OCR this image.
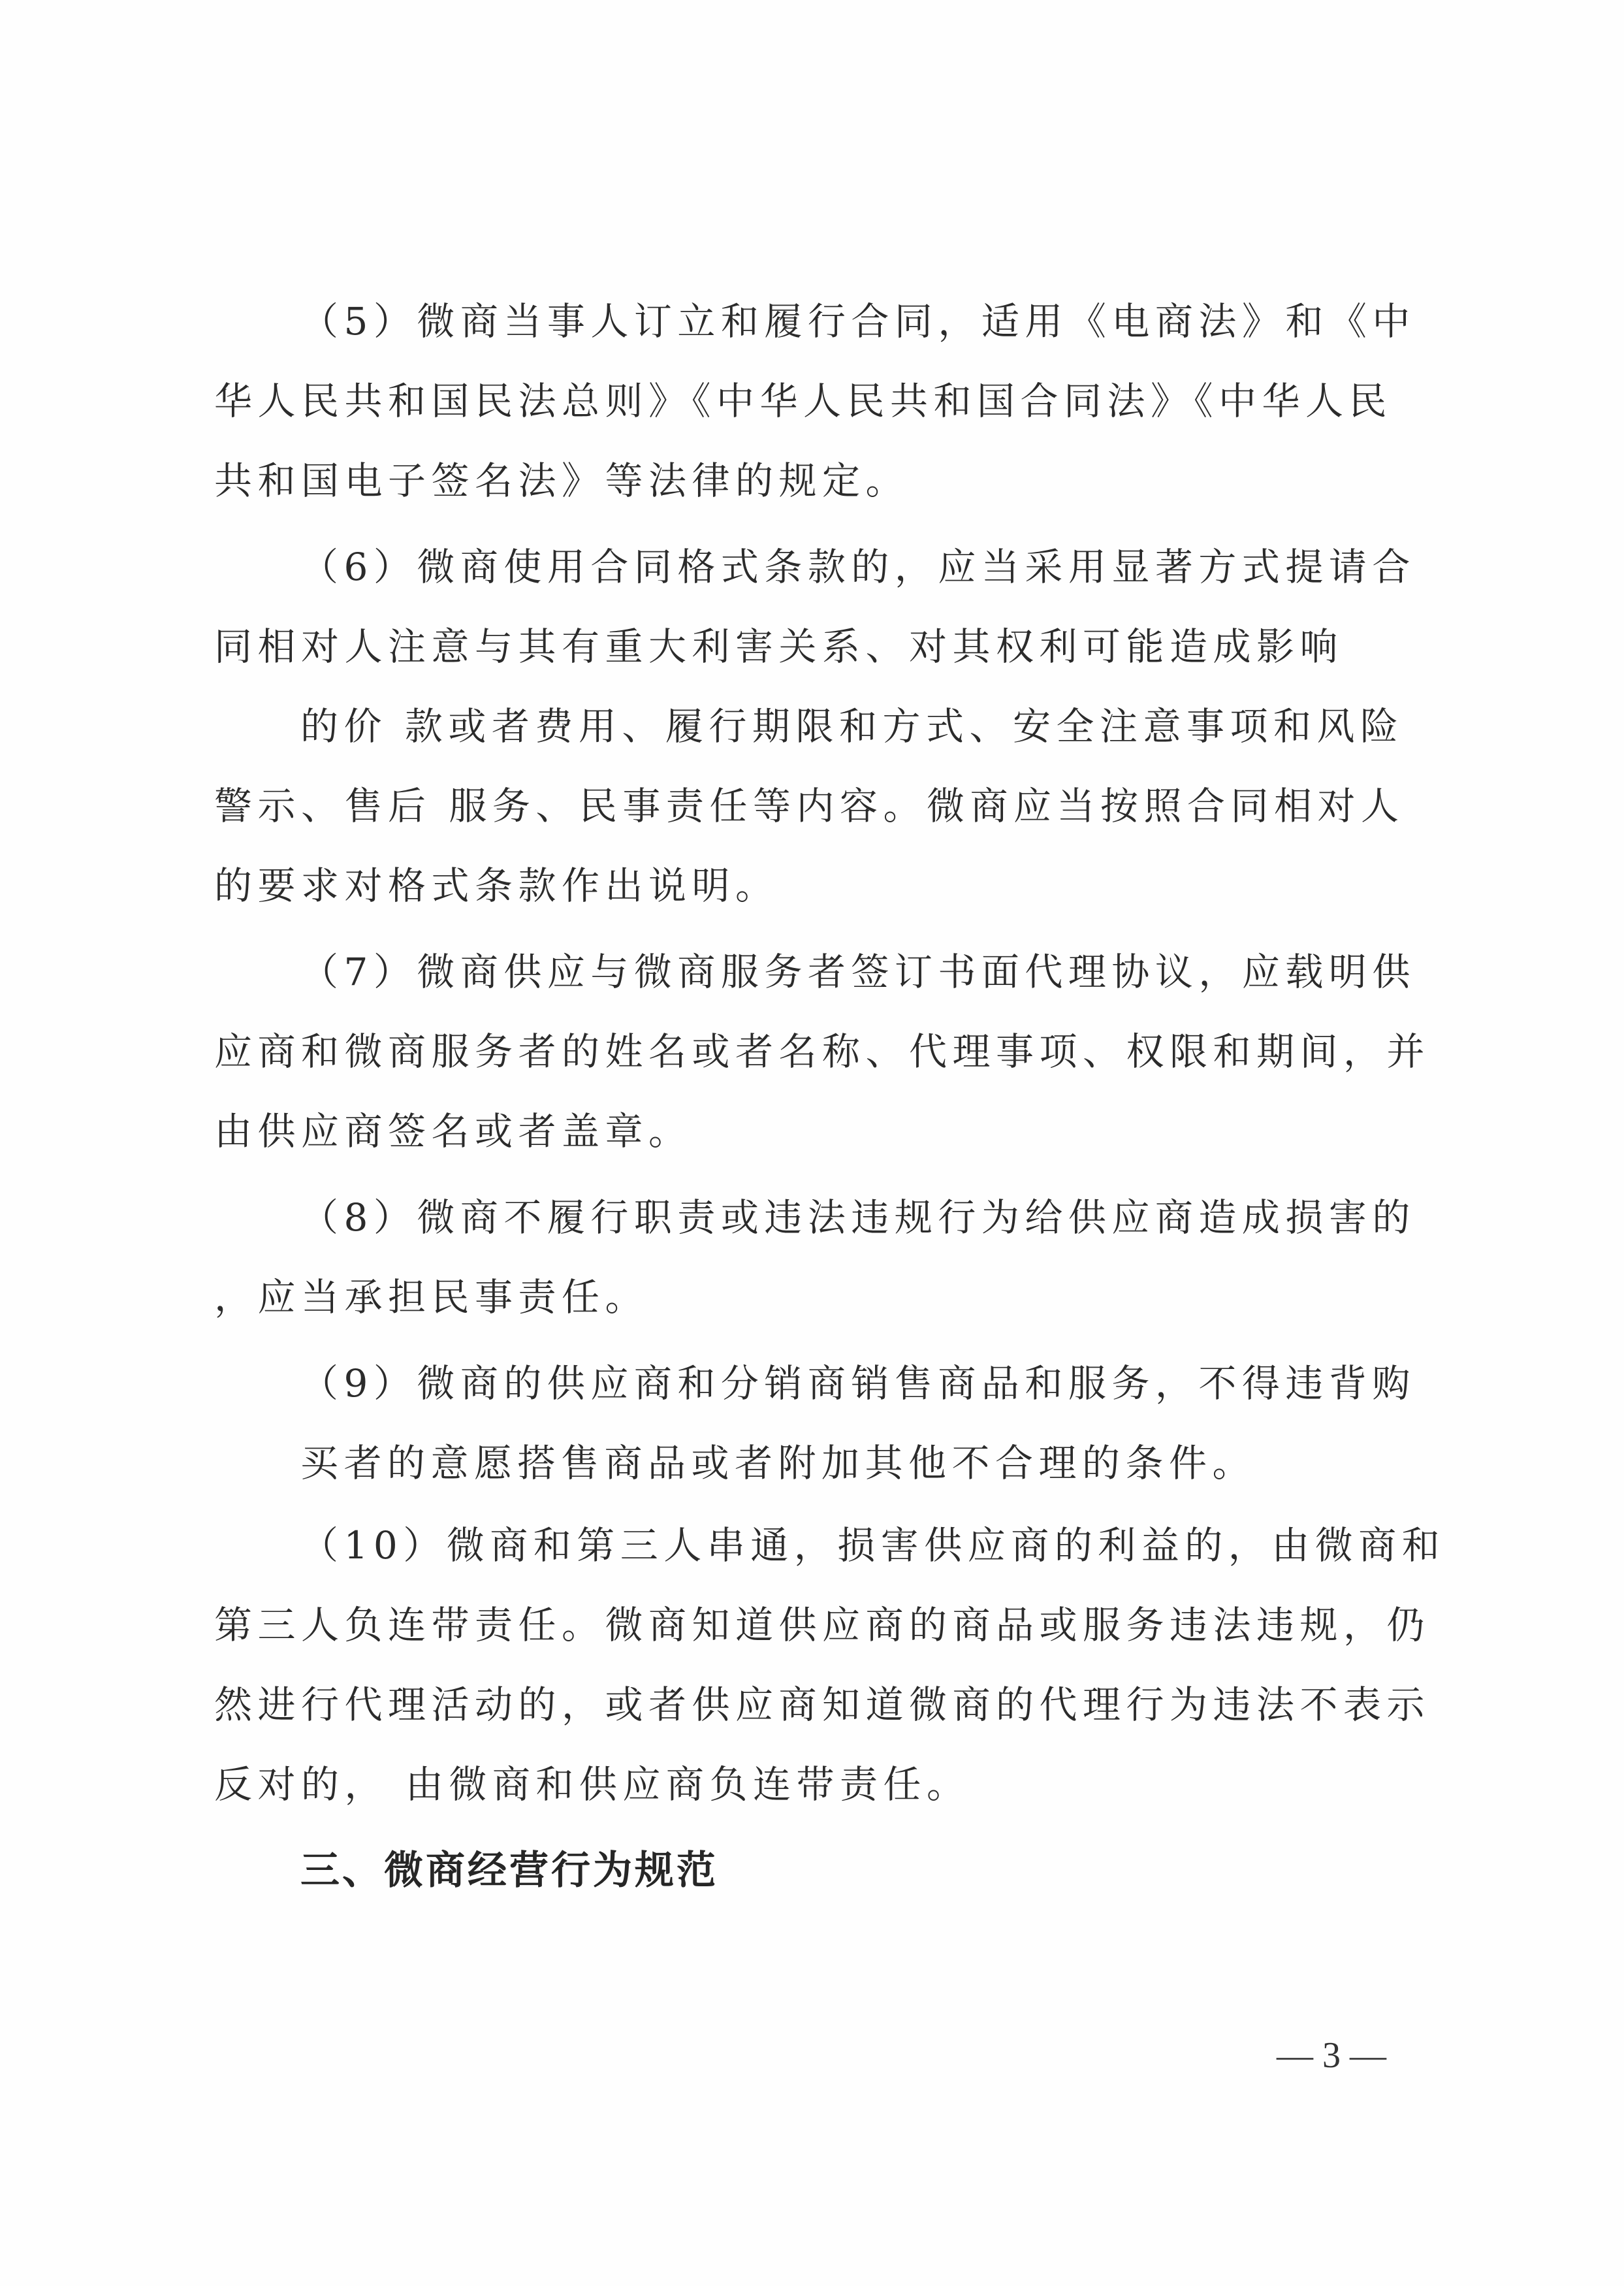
（5）微商当事人订立和履行合同，适用《电商法》和《中
华人民共和国民法总则》《中华人民共和国合同法》《中华人民
共和国电子签名法》等法律的规定。
（6）微商使用合同格式条款的，应当采用显著方式提请合
同相对人注意与其有重大利害关系、对其权利可能造成影响
的价 款或者费用、履行期限和方式、安全注意事项和风险
警示、售后 服务、民事责任等内容。微商应当按照合同相对人
的要求对格式条款作出说明。
（7）微商供应与微商服务者签订书面代理协议，应载明供
应商和微商服务者的姓名或者名称、代理事项、权限和期间，并
由供应商签名或者盖章。
（8）微商不履行职责或违法违规行为给供应商造成损害的
，应当承担民事责任。
（9）微商的供应商和分销商销售商品和服务，不得违背购
买者的意愿搭售商品或者附加其他不合理的条件。
（10）微商和第三人串通，损害供应商的利益的，由微商和
第三人负连带责任。微商知道供应商的商品或服务违法违规，仍
然进行代理活动的，或者供应商知道微商的代理行为违法不表示
反对的， 由微商和供应商负连带责任。
三、微商经营行为规范
— 3 —
